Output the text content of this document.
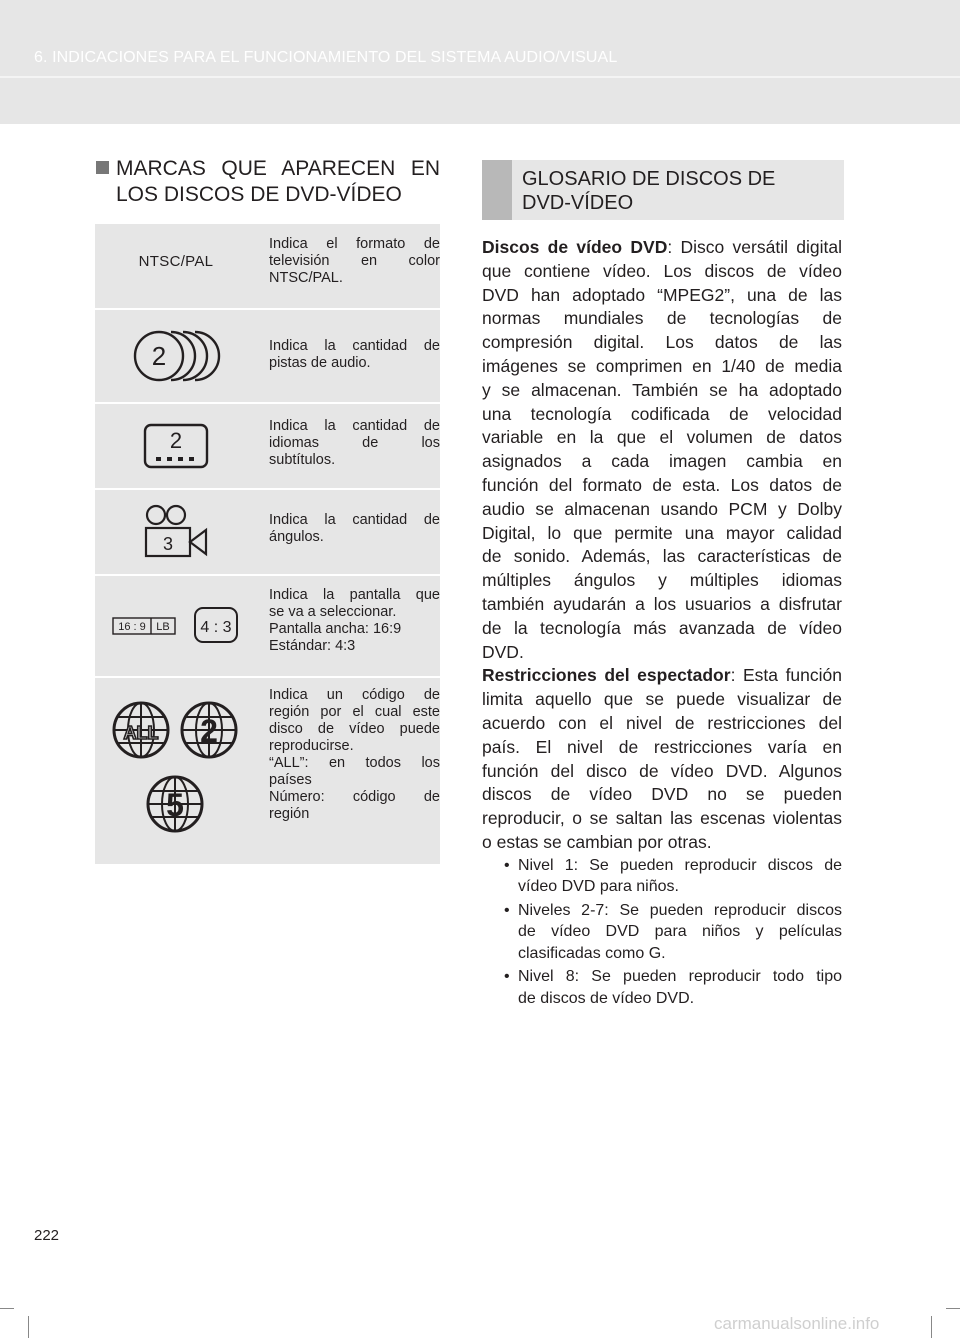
6. INDICACIONES PARA EL FUNCIONAMIENTO DEL SISTEMA AUDIO/VISUAL
MARCAS QUE APARECEN EN
LOS DISCOS DE DVD-VÍDEO
NTSC/PAL
Indica el formato de
televisión en color
NTSC/PAL.
2	Indica la cantidad de
pistas de audio.
2
Indica la cantidad de
idiomas de los
subtítulos.
3
Indica la cantidad de
ángulos.
16 : 9 LB 4 : 3
Indica la pantalla que
se va a seleccionar.
Pantalla ancha: 16:9
Estándar: 4:3
ALL 2
5
Indica un código de
región por el cual este
disco de vídeo puede
reproducirse.
“ALL”: en todos los
países
Número: código de
región
GLOSARIO DE DISCOS DE
DVD-VÍDEO
Discos de vídeo DVD: Disco versátil digital
que contiene vídeo. Los discos de vídeo
DVD han adoptado “MPEG2”, una de las
normas mundiales de tecnologías de
compresión digital. Los datos de las
imágenes se comprimen en 1/40 de media
y se almacenan. También se ha adoptado
una tecnología codificada de velocidad
variable en la que el volumen de datos
asignados a cada imagen cambia en
función del formato de esta. Los datos de
audio se almacenan usando PCM y Dolby
Digital, lo que permite una mayor calidad
de sonido. Además, las características de
múltiples ángulos y múltiples idiomas
también ayudarán a los usuarios a disfrutar
de la tecnología más avanzada de vídeo
DVD.
Restricciones del espectador: Esta función
limita aquello que se puede visualizar de
acuerdo con el nivel de restricciones del
país. El nivel de restricciones varía en
función del disco de vídeo DVD. Algunos
discos de vídeo DVD no se pueden
reproducir, o se saltan las escenas violentas
o estas se cambian por otras.
• Nivel 1: Se pueden reproducir discos de
vídeo DVD para niños.
• Niveles 2-7: Se pueden reproducir discos
de vídeo DVD para niños y películas
clasificadas como G.
• Nivel 8: Se pueden reproducir todo tipo
de discos de vídeo DVD.
222
carmanualsonline.info
